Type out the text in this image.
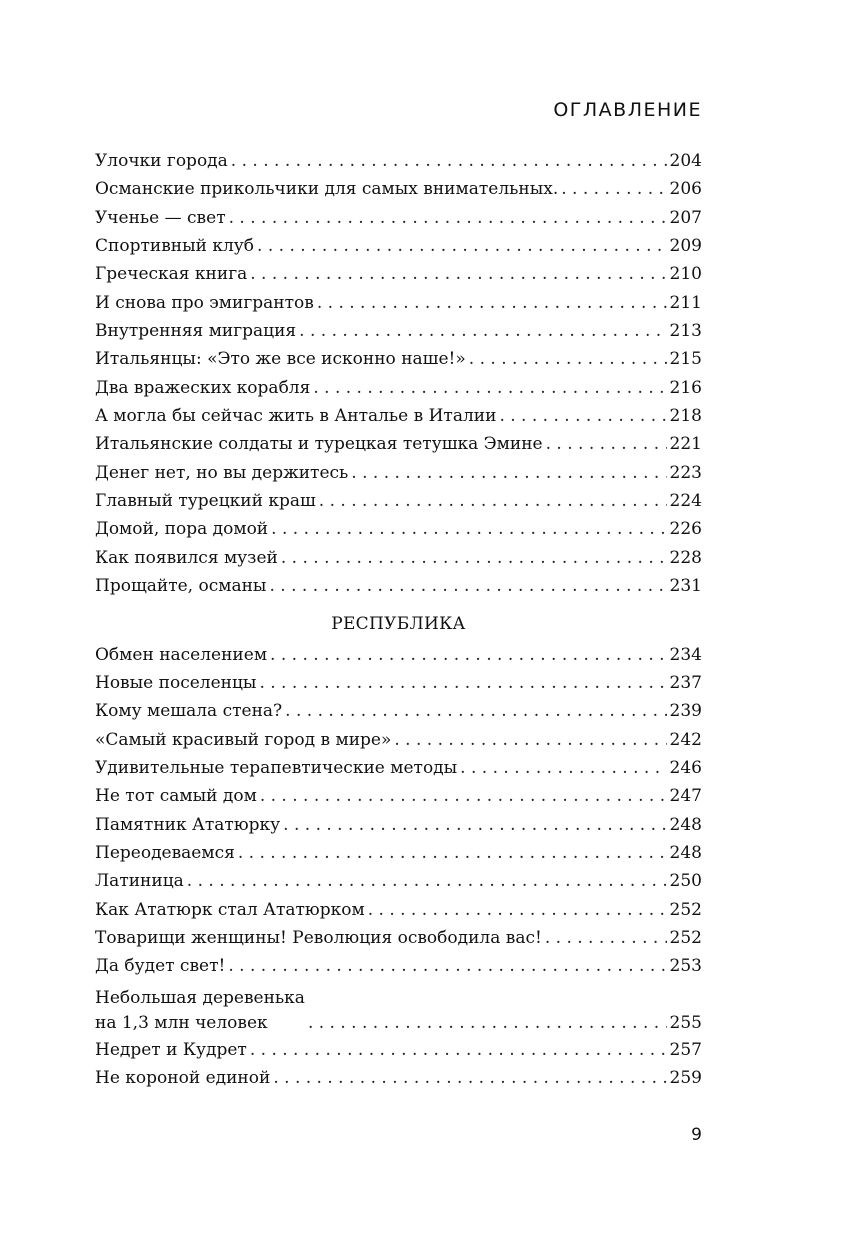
ОГЛАВЛЕНИЕ
Улочки города . . .	204
Османские прикольчики для самых внимательных. . . .	206
Ученье — свет . . .	207
Спортивный клуб . . .	209
Греческая книга . . .	210
И снова про эмигрантов . . .	211
Внутренняя миграция . . .	213
Итальянцы: «Это же все исконно наше!» . . .	215
Два вражеских корабля . . .	216
А могла бы сейчас жить в Анталье в Италии . . .	218
Итальянские солдаты и турецкая тетушка Эмине . . .	221
Денег нет, но вы держитесь . . .	223
Главный турецкий краш . . .	224
Домой, пора домой . . .	226
Как появился музей . . .	228
Прощайте, османы . . .	231
РЕСПУБЛИКА
Обмен населением . . .	234
Новые поселенцы . . .	237
Кому мешала стена? . . .	239
«Самый красивый город в мире» . . .	242
Удивительные терапевтические методы . . .	246
Не тот самый дом . . .	247
Памятник Ататюрку . . .	248
Переодеваемся . . .	248
Латиница . . .	250
Как Ататюрк стал Ататюрком . . .	252
Товарищи женщины! Революция освободила вас! . . .	252
Да будет свет! . . .	253
Небольшая деревенька
на 1,3 млн человек . . .	255
Недрет и Кудрет . . .	257
Не короной единой . . .	259
9
